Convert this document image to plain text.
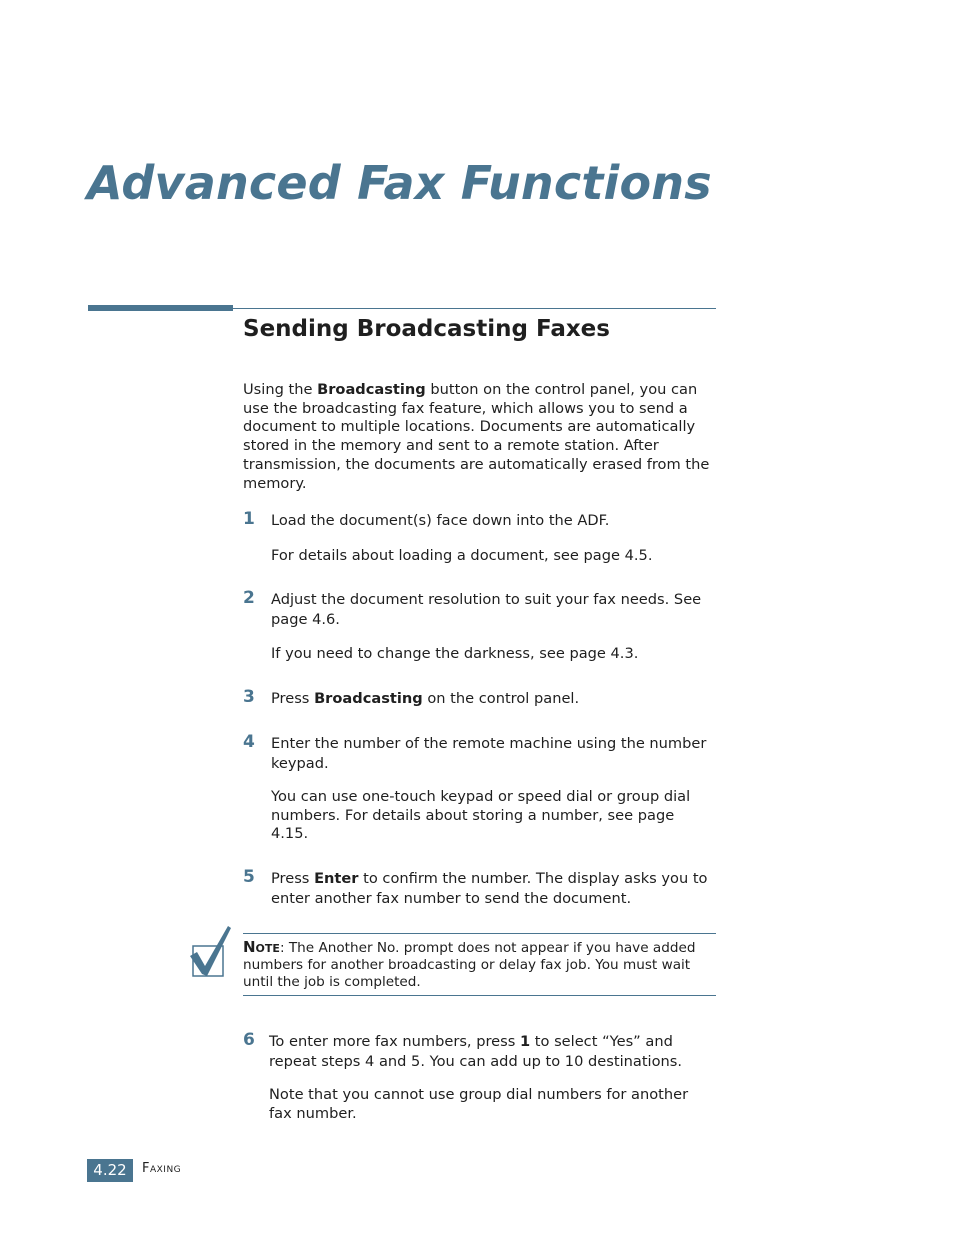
Advanced Fax Functions
Sending Broadcasting Faxes

Using the Broadcasting button on the control panel, you can use the broadcasting fax feature, which allows you to send a document to multiple locations. Documents are automatically stored in the memory and sent to a remote station. After transmission, the documents are automatically erased from the memory.

1 Load the document(s) face down into the ADF.
For details about loading a document, see page 4.5.
2 Adjust the document resolution to suit your fax needs. See page 4.6.
If you need to change the darkness, see page 4.3.
3 Press Broadcasting on the control panel.
4 Enter the number of the remote machine using the number keypad.
You can use one-touch keypad or speed dial or group dial numbers. For details about storing a number, see page 4.15.
5 Press Enter to confirm the number. The display asks you to enter another fax number to send the document.
Note: The Another No. prompt does not appear if you have added numbers for another broadcasting or delay fax job. You must wait until the job is completed.
6 To enter more fax numbers, press 1 to select “Yes” and repeat steps 4 and 5. You can add up to 10 destinations.
Note that you cannot use group dial numbers for another fax number.
4.22	Faxing
